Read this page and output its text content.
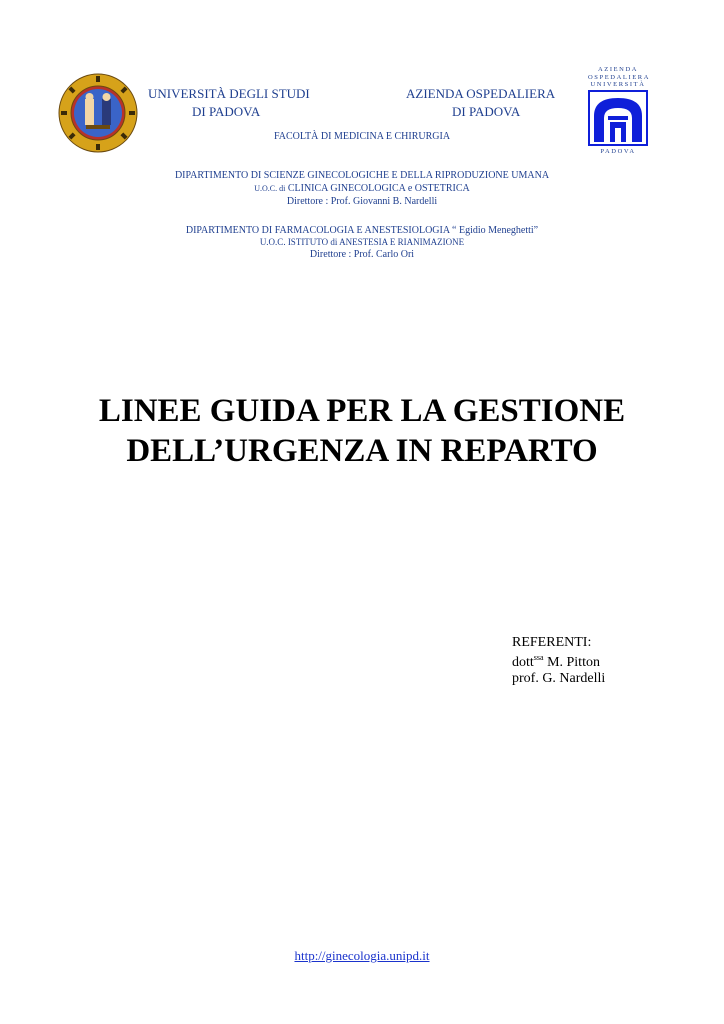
UNIVERSITÀ DEGLI STUDI
DI PADOVA
AZIENDA OSPEDALIERA
DI PADOVA
FACOLTÀ DI MEDICINA E CHIRURGIA
DIPARTIMENTO DI SCIENZE GINECOLOGICHE E DELLA RIPRODUZIONE UMANA
U.O.C. di CLINICA GINECOLOGICA e OSTETRICA
Direttore : Prof. Giovanni B. Nardelli
DIPARTIMENTO DI FARMACOLOGIA E ANESTESIOLOGIA “ Egidio Meneghetti”
U.O.C. ISTITUTO di ANESTESIA E RIANIMAZIONE
Direttore : Prof. Carlo Ori
AZIENDA
OSPEDALIERA
UNIVERSITÀ
PADOVA
LINEE GUIDA PER LA GESTIONE
DELL’URGENZA IN REPARTO
REFERENTI:
dott$^{ssa}$ M. Pitton
prof. G. Nardelli
http://ginecologia.unipd.it
